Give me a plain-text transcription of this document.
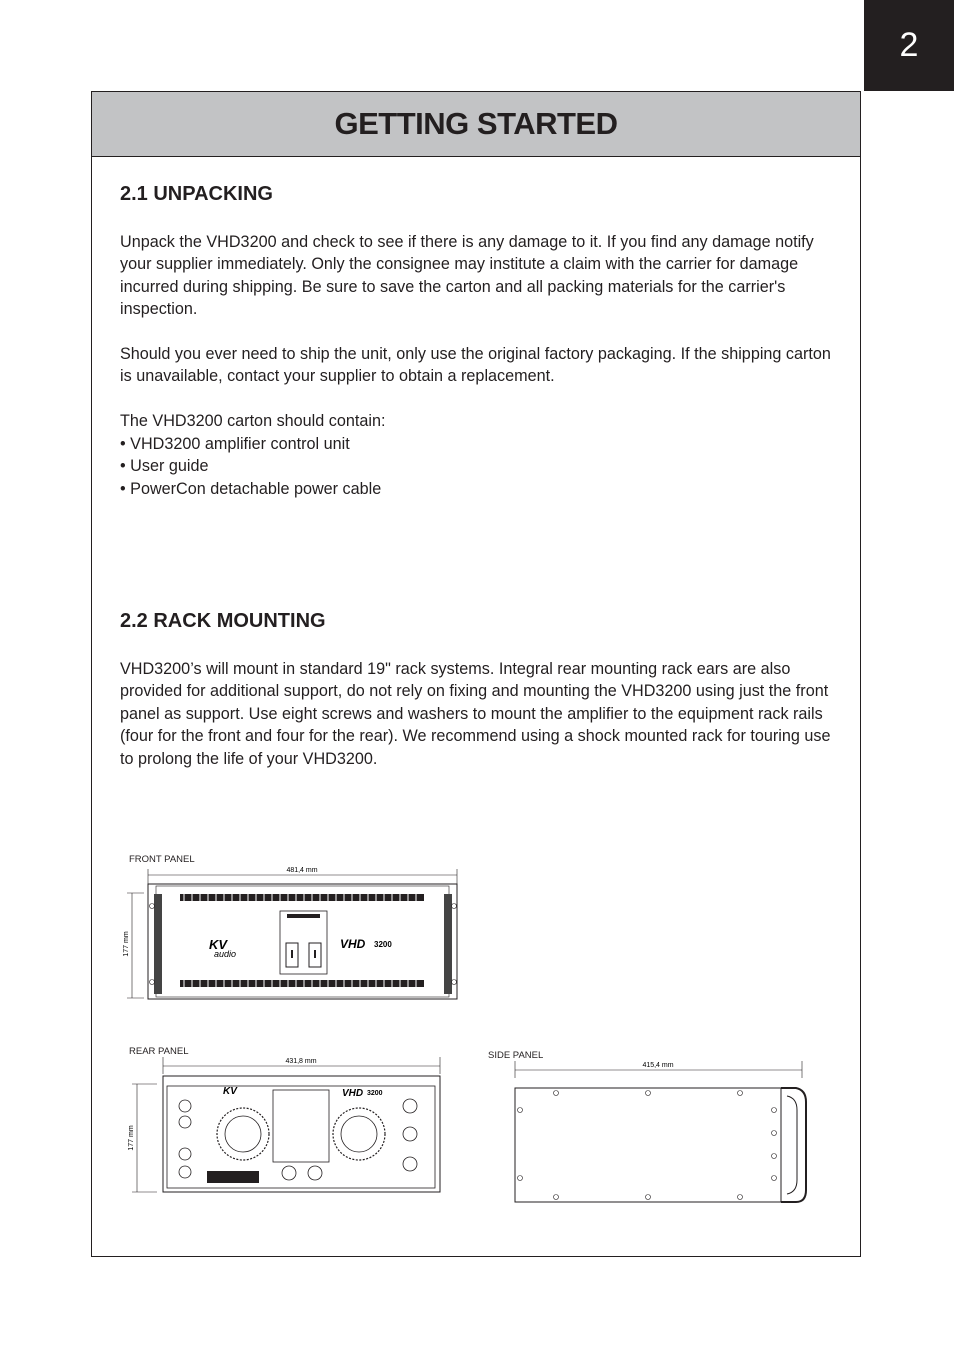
2
GETTING STARTED
2.1 UNPACKING

Unpack the VHD3200 and check to see if there is any damage to it. If you find any damage notify your supplier immediately. Only the consignee may institute a claim with the carrier for damage incurred during shipping. Be sure to save the carton and all packing materials for the carrier's inspection.

Should you ever need to ship the unit, only use the original factory packaging. If the shipping carton is unavailable, contact your supplier to obtain a replacement.

The VHD3200 carton should contain:

• VHD3200 amplifier control unit
• User guide
• PowerCon detachable power cable
2.2 RACK MOUNTING

VHD3200’s will mount in standard 19" rack systems. Integral rear mounting rack ears are also provided for additional support, do not rely on fixing and mounting the VHD3200 using just the front panel as support. Use eight screws and washers to mount the amplifier to the equipment rack rails (four for the front and four for the rear). We recommend using a shock mounted rack for touring use to prolong the life of your VHD3200.

FRONT PANEL
481,4 mm
177 mm	KV
audio
VHD 3200
REAR PANEL
431,8 mm
177 mm
KV	VHD 3200
SIDE PANEL
415,4 mm
